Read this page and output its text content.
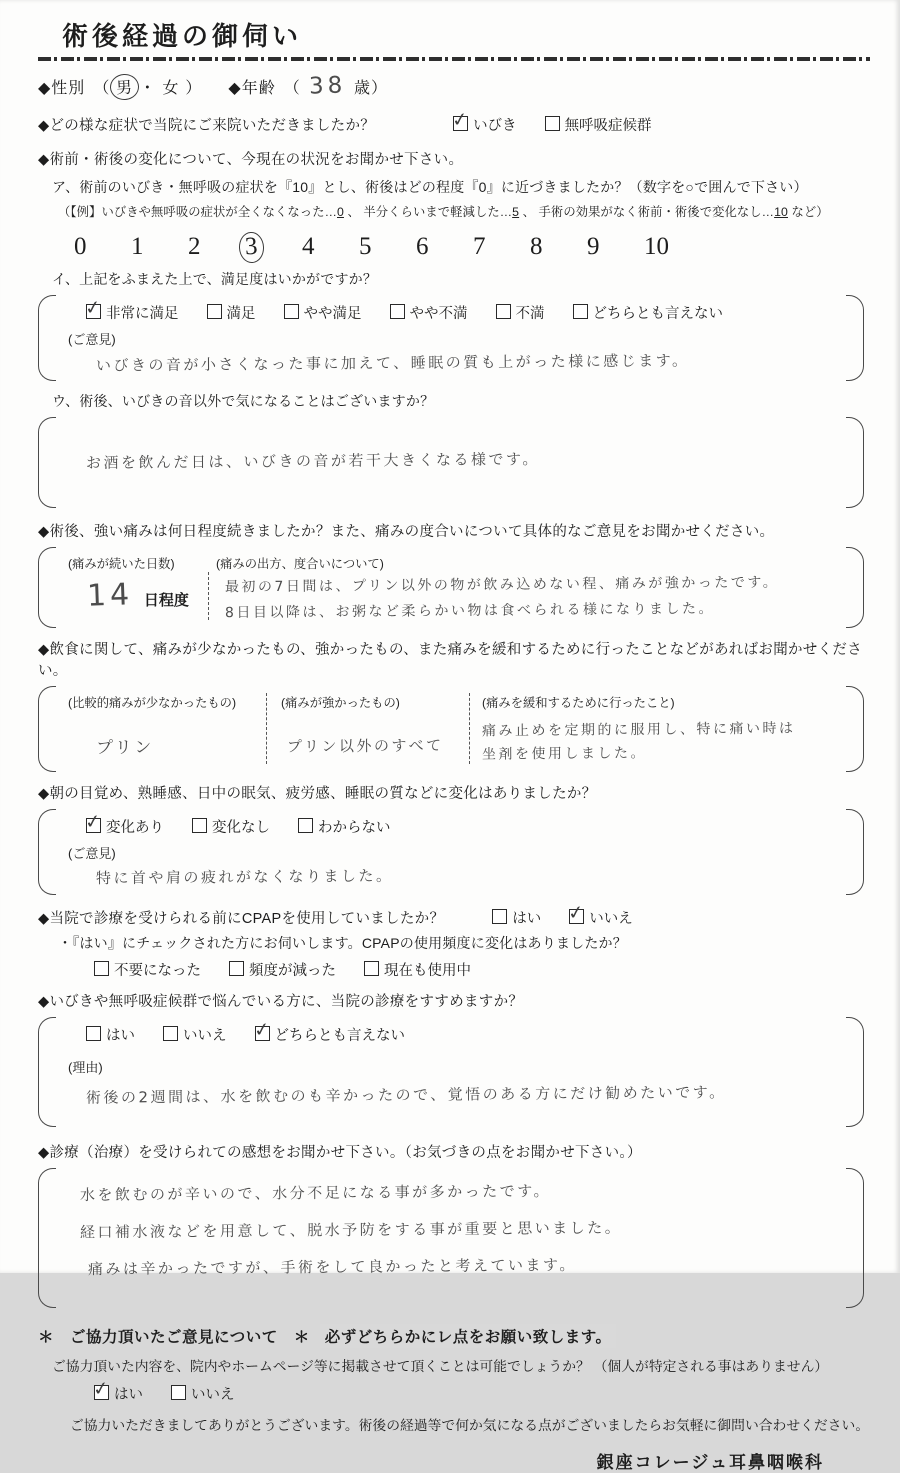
術後経過の御伺い
◆性別 （ 男 ・ 女 ） ◆年齢 （ 38 歳 ）
◆どの様な症状で当院にご来院いただきましたか？ ✓	いびき	無呼吸症候群
◆術前・術後の変化について、今現在の状況をお聞かせ下さい。
ア、術前のいびき・無呼吸の症状を『10』とし、術後はどの程度『0』に近づきましたか？（数字を○で囲んで下さい）
（【例】いびきや無呼吸の症状が全くなくなった…0 、 半分くらいまで軽減した…5 、 手術の効果がなく術前・術後で変化なし…10 など）
0	1	2	3	4	5	6	7	8	9	10
イ、上記をふまえた上で、満足度はいかがですか？
✓非常に満足	満足	やや満足	やや不満	不満	どちらとも言えない
(ご意見)
いびきの音が小さくなった事に加えて、睡眠の質も上がった様に感じます。
ウ、術後、いびきの音以外で気になることはございますか？
お酒を飲んだ日は、いびきの音が若干大きくなる様です。
◆術後、強い痛みは何日程度続きましたか？また、痛みの度合いについて具体的なご意見をお聞かせください。
(痛みが続いた日数)	(痛みの出方、度合いについて)
14 日程度
最初の7日間は、プリン以外の物が飲み込めない程、痛みが強かったです。
8日目以降は、お粥など柔らかい物は食べられる様になりました。
◆飲食に関して、痛みが少なかったもの、強かったもの、また痛みを緩和するために行ったことなどがあればお聞かせください。
(比較的痛みが少なかったもの)
プリン
(痛みが強かったもの)
プリン以外のすべて
(痛みを緩和するために行ったこと)
痛み止めを定期的に服用し、特に痛い時は
坐剤を使用しました。
◆朝の目覚め、熟睡感、日中の眠気、疲労感、睡眠の質などに変化はありましたか？
✓変化あり	変化なし	わからない
(ご意見)
特に首や肩の疲れがなくなりました。
◆当院で診療を受けられる前にCPAPを使用していましたか？	はい ✓	いいえ
・『はい』にチェックされた方にお伺いします。CPAPの使用頻度に変化はありましたか？
不要になった	頻度が減った	現在も使用中
◆いびきや無呼吸症候群で悩んでいる方に、当院の診療をすすめますか？
はい	いいえ ✓	どちらとも言えない
(理由)
術後の2週間は、水を飲むのも辛かったので、覚悟のある方にだけ勧めたいです。
◆診療（治療）を受けられての感想をお聞かせ下さい。（お気づきの点をお聞かせ下さい。）
水を飲むのが辛いので、水分不足になる事が多かったです。
経口補水液などを用意して、脱水予防をする事が重要と思いました。
痛みは辛かったですが、手術をして良かったと考えています。
＊　ご協力頂いたご意見について　＊ 必ずどちらかにレ点をお願い致します。
ご協力頂いた内容を、院内やホームページ等に掲載させて頂くことは可能でしょうか？ （個人が特定される事はありません）
✓はい	いいえ
ご協力いただきましてありがとうございます。術後の経過等で何か気になる点がございましたらお気軽に御問い合わせください。
銀座コレージュ耳鼻咽喉科
